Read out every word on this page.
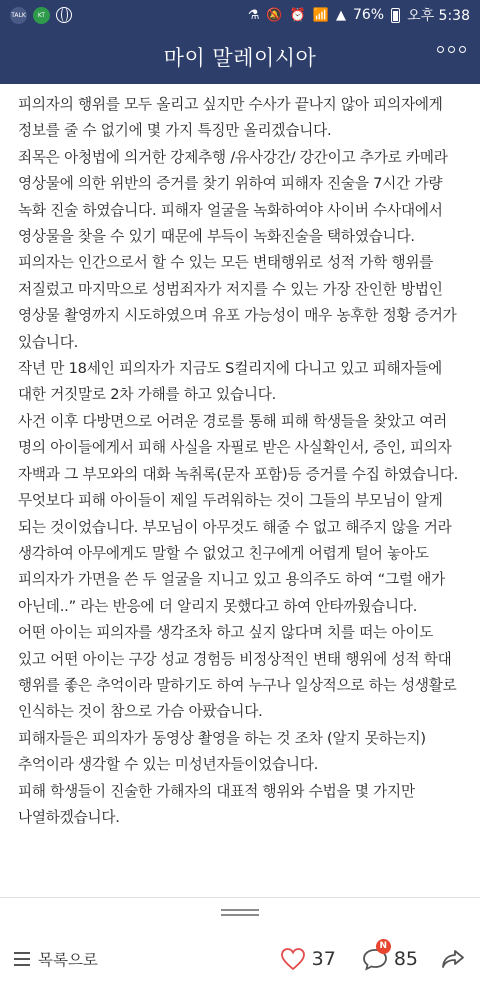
TALK	KT	⚗ 🔕 ⏰ 📶 ▲ 76% 오후 5:38
마이 말레이시아

피의자의 행위를 모두 올리고 싶지만 수사가 끝나지 않아 피의자에게 정보를 줄 수 없기에 몇 가지 특징만 올리겠습니다.

죄목은 아청법에 의거한 강제추행 /유사강간/ 강간이고 추가로 카메라 영상물에 의한 위반의 증거를 찾기 위하여 피해자 진술을 7시간 가량 녹화 진술 하였습니다. 피해자 얼굴을 녹화하여야 사이버 수사대에서 영상물을 찾을 수 있기 때문에 부득이 녹화진술을 택하였습니다.

피의자는 인간으로서 할 수 있는 모든 변태행위로 성적 가학 행위를 저질렀고 마지막으로 성범죄자가 저지를 수 있는 가장 잔인한 방법인 영상물 촬영까지 시도하였으며 유포 가능성이 매우 농후한 정황 증거가 있습니다.

작년 만 18세인 피의자가 지금도 S컬리지에 다니고 있고 피해자들에 대한 거짓말로 2차 가해를 하고 있습니다.

사건 이후 다방면으로 어려운 경로를 통해 피해 학생들을 찾았고 여러 명의 아이들에게서 피해 사실을 자필로 받은 사실확인서, 증인, 피의자 자백과 그 부모와의 대화 녹취록(문자 포함)등 증거를 수집 하였습니다.

무엇보다 피해 아이들이 제일 두려워하는 것이 그들의 부모님이 알게 되는 것이었습니다. 부모님이 아무것도 해줄 수 없고 해주지 않을 거라 생각하여 아무에게도 말할 수 없었고 친구에게 어렵게 털어 놓아도 피의자가 가면을 쓴 두 얼굴을 지니고 있고 용의주도 하여 “그럴 애가 아닌데..” 라는 반응에 더 알리지 못했다고 하여 안타까웠습니다.

어떤 아이는 피의자를 생각조차 하고 싶지 않다며 치를 떠는 아이도 있고 어떤 아이는 구강 성교 경험등 비정상적인 변태 행위에 성적 학대 행위를 좋은 추억이라 말하기도 하여 누구나 일상적으로 하는 성생활로 인식하는 것이 참으로 가슴 아팠습니다.

피해자들은 피의자가 동영상 촬영을 하는 것 조차 (알지 못하는지) 추억이라 생각할 수 있는 미성년자들이었습니다.

피해 학생들이 진술한 가해자의 대표적 행위와 수법을 몇 가지만 나열하겠습니다.

목록으로	37
N
85
